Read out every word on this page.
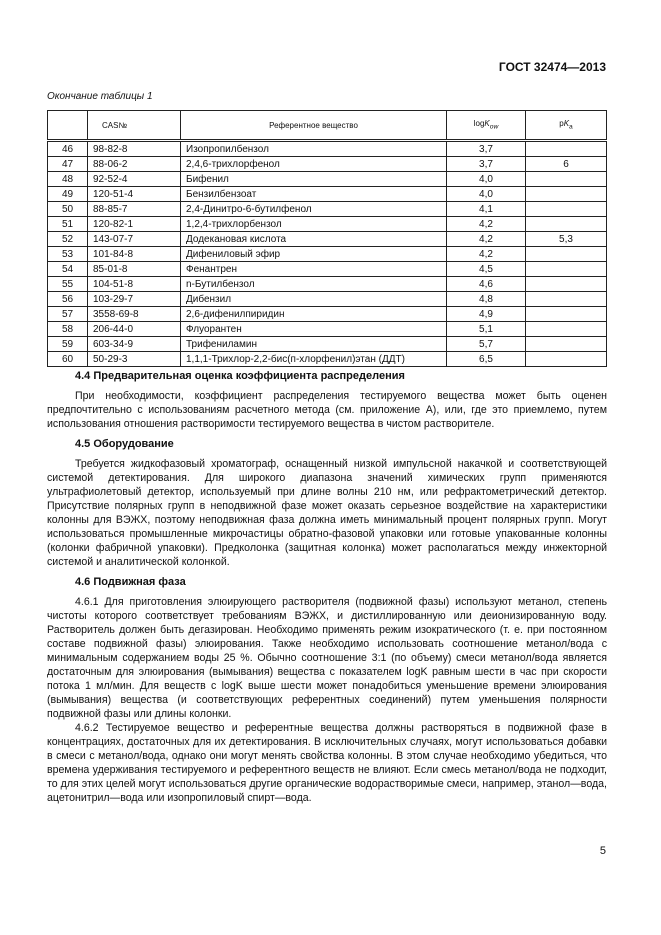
ГОСТ 32474—2013
Окончание таблицы 1
	CAS№	Референтное вещество	logK$_{ow}$	$pK_a$
46	98-82-8	Изопропилбензол	3,7	
47	88-06-2	2,4,6-трихлорфенол	3,7	6
48	92-52-4	Бифенил	4,0	
49	120-51-4	Бензилбензоат	4,0	
50	88-85-7	2,4-Динитро-6-бутилфенол	4,1	
51	120-82-1	1,2,4-трихлорбензол	4,2	
52	143-07-7	Додекановая кислота	4,2	5,3
53	101-84-8	Дифениловый эфир	4,2	
54	85-01-8	Фенантрен	4,5	
55	104-51-8	n-Бутилбензол	4,6	
56	103-29-7	Дибензил	4,8	
57	3558-69-8	2,6-дифенилпиридин	4,9	
58	206-44-0	Флуорантен	5,1	
59	603-34-9	Трифениламин	5,7	
60	50-29-3	1,1,1-Трихлор-2,2-бис(п-хлорфенил)этан (ДДТ)	6,5	
4.4 Предварительная оценка коэффициента распределения

При необходимости, коэффициент распределения тестируемого вещества может быть оценен предпочтительно с использованиям расчетного метода (см. приложение А), или, где это приемлемо, путем использования отношения растворимости тестируемого вещества в чистом растворителе.

4.5 Оборудование

Требуется жидкофазовый хроматограф, оснащенный низкой импульсной накачкой и соответствующей системой детектирования. Для широкого диапазона значений химических групп применяются ультрафиолетовый детектор, используемый при длине волны 210 нм, или рефрактометрический детектор. Присутствие полярных групп в неподвижной фазе может оказать серьезное воздействие на характеристики колонны для ВЭЖХ, поэтому неподвижная фаза должна иметь минимальный процент полярных групп. Могут использоваться промышленные микрочастицы обратно-фазовой упаковки или готовые упакованные колонны (колонки фабричной упаковки). Предколонка (защитная колонка) может располагаться между инжекторной системой и аналитической колонкой.

4.6 Подвижная фаза

4.6.1 Для приготовления элюирующего растворителя (подвижной фазы) используют метанол, степень чистоты которого соответствует требованиям ВЭЖХ, и дистиллированную или деионизированную воду. Растворитель должен быть дегазирован. Необходимо применять режим изократического (т. е. при постоянном составе подвижной фазы) элюирования. Также необходимо использовать соотношение метанол/вода с минимальным содержанием воды 25 %. Обычно соотношение 3:1 (по объему) смеси метанол/вода является достаточным для элюирования (вымывания) вещества с показателем logK равным шести в час при скорости потока 1 мл/мин. Для веществ с logK выше шести может понадобиться уменьшение времени элюирования (вымывания) вещества (и соответствующих референтных соединений) путем уменьшения полярности подвижной фазы или длины колонки.

4.6.2 Тестируемое вещество и референтные вещества должны растворяться в подвижной фазе в концентрациях, достаточных для их детектирования. В исключительных случаях, могут использоваться добавки в смеси с метанол/вода, однако они могут менять свойства колонны. В этом случае необходимо убедиться, что времена удерживания тестируемого и референтного веществ не влияют. Если смесь метанол/вода не подходит, то для этих целей могут использоваться другие органические водорастворимые смеси, например, этанол—вода, ацетонитрил—вода или изопропиловый спирт—вода.

5
